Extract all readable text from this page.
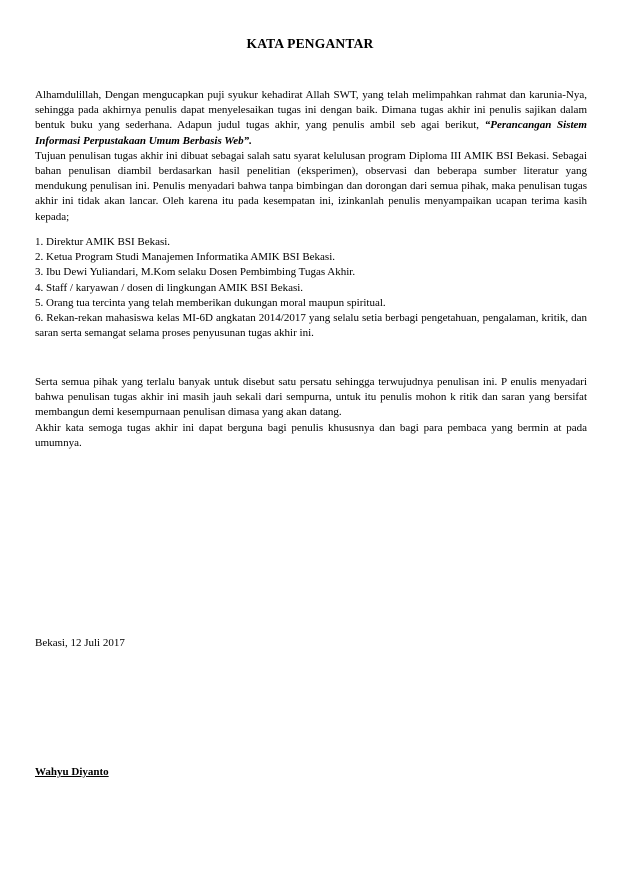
KATA PENGANTAR

Alhamdulillah, Dengan mengucapkan puji syukur kehadirat Allah SWT, yang telah melimpahkan rahmat dan karunia-Nya, sehingga pada akhirnya penulis dapat menyelesaikan tugas ini dengan baik. Dimana tugas akhir ini penulis sajikan dalam bentuk buku yang sederhana. Adapun judul tugas akhir, yang penulis ambil seb agai berikut, “Perancangan Sistem Informasi Perpustakaan Umum Berbasis Web”.

Tujuan penulisan tugas akhir ini dibuat sebagai salah satu syarat kelulusan program Diploma III AMIK BSI Bekasi. Sebagai bahan penulisan diambil berdasarkan hasil penelitian (eksperimen), observasi dan beberapa sumber literatur yang mendukung penulisan ini. Penulis menyadari bahwa tanpa bimbingan dan dorongan dari semua pihak, maka penulisan tugas akhir ini tidak akan lancar. Oleh karena itu pada kesempatan ini, izinkanlah penulis menyampaikan ucapan terima kasih kepada;

1. Direktur AMIK BSI Bekasi.

2. Ketua Program Studi Manajemen Informatika AMIK BSI Bekasi.

3. Ibu Dewi Yuliandari, M.Kom selaku Dosen Pembimbing Tugas Akhir.

4. Staff / karyawan / dosen di lingkungan AMIK BSI Bekasi.

5. Orang tua tercinta yang telah memberikan dukungan moral maupun spiritual.

6. Rekan-rekan mahasiswa kelas MI-6D angkatan 2014/2017 yang selalu setia berbagi pengetahuan, pengalaman, kritik, dan saran serta semangat selama proses penyusunan tugas akhir ini.

Serta semua pihak yang terlalu banyak untuk disebut satu persatu sehingga terwujudnya penulisan ini. P enulis menyadari bahwa penulisan tugas akhir ini masih jauh sekali dari sempurna, untuk itu penulis mohon k ritik dan saran yang bersifat membangun demi kesempurnaan penulisan dimasa yang akan datang.

Akhir kata semoga tugas akhir ini dapat berguna bagi penulis khususnya dan bagi para pembaca yang bermin at pada umumnya.

Bekasi, 12 Juli 2017
Wahyu Diyanto
